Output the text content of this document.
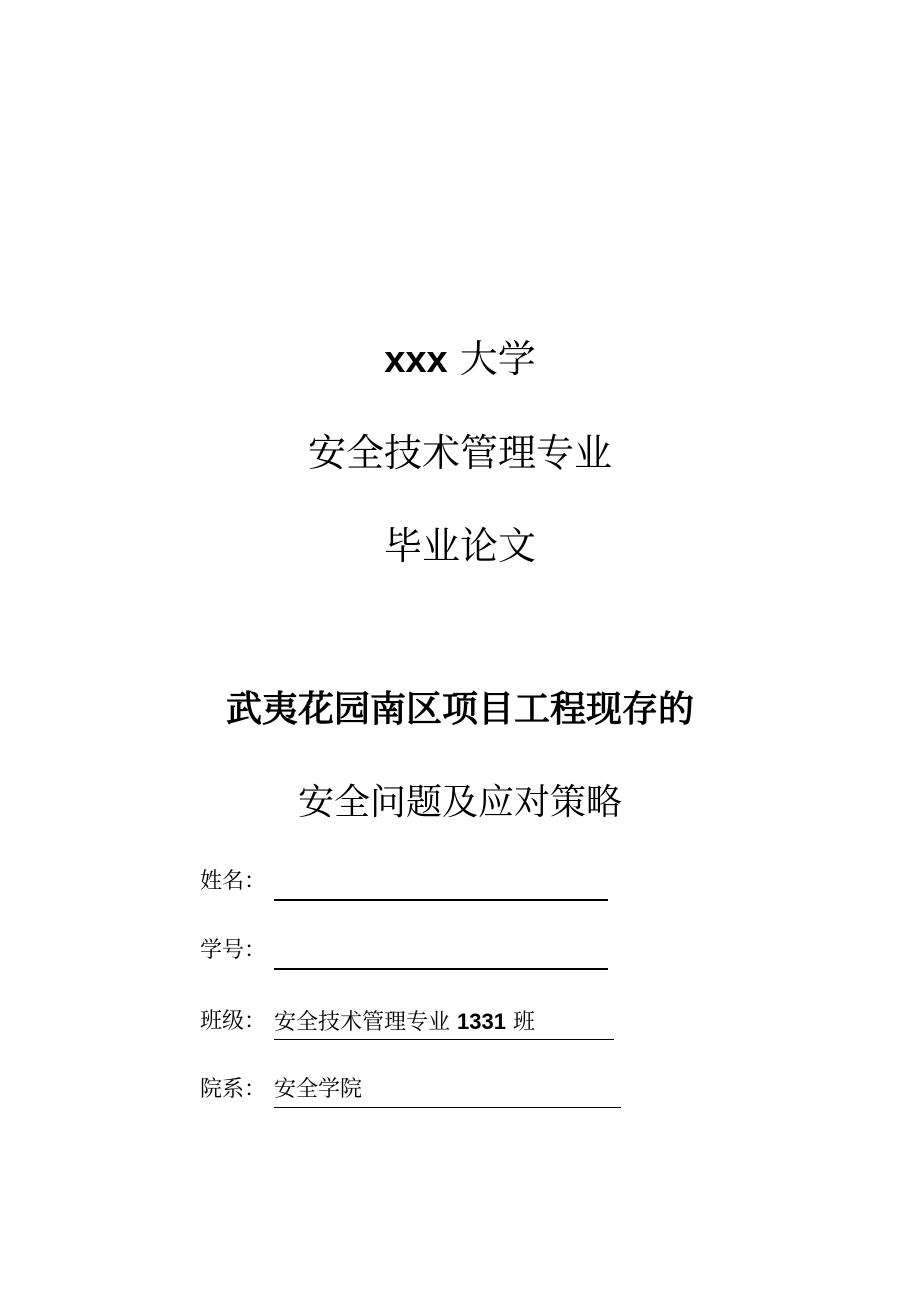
xxx 大学
安全技术管理专业
毕业论文
武夷花园南区项目工程现存的
安全问题及应对策略
姓名：
学号：
班级： 安全技术管理专业 1331 班
院系： 安全学院
